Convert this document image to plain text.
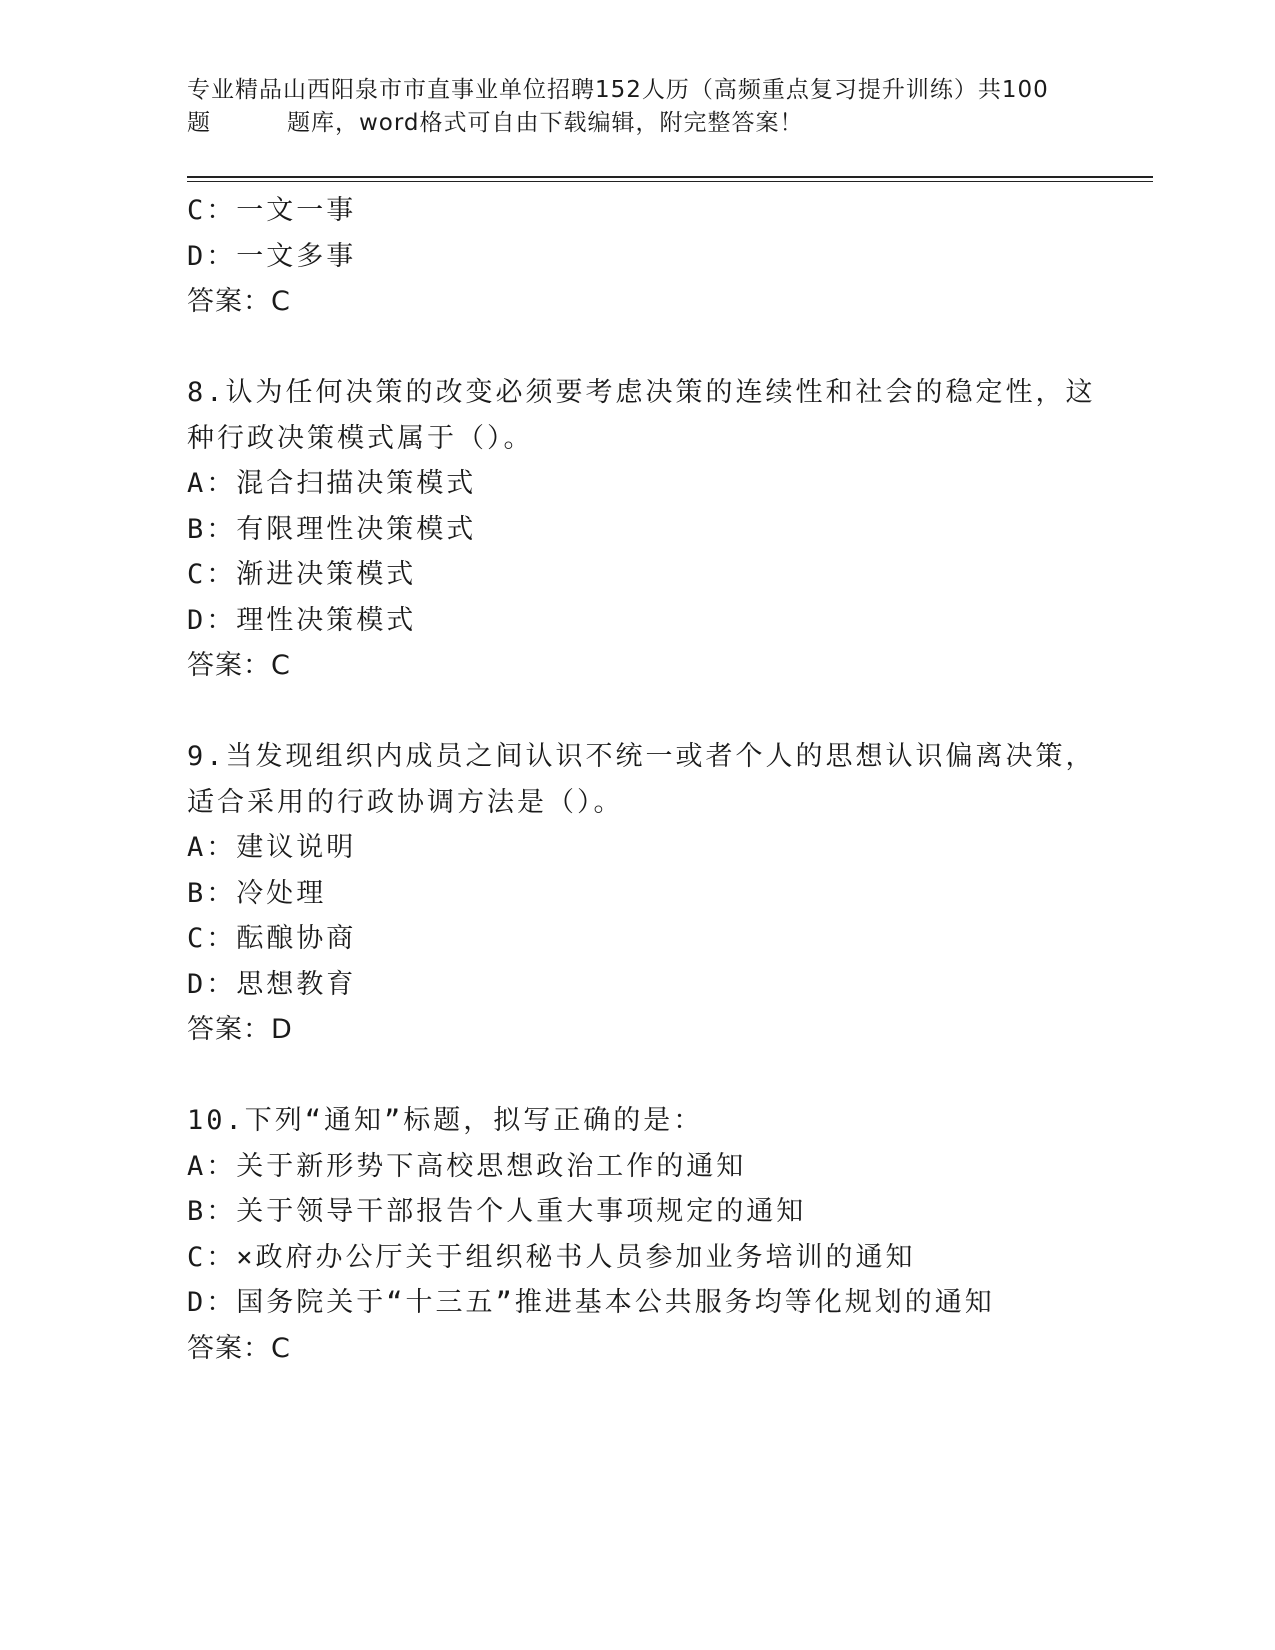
专业精品山西阳泉市市直事业单位招聘152人历（高频重点复习提升训练）共100
题	题库，word格式可自由下载编辑，附完整答案！
C：一文一事
D：一文多事
答案：C
8.认为任何决策的改变必须要考虑决策的连续性和社会的稳定性，这
种行政决策模式属于（）。
A：混合扫描决策模式
B：有限理性决策模式
C：渐进决策模式
D：理性决策模式
答案：C
9.当发现组织内成员之间认识不统一或者个人的思想认识偏离决策，
适合采用的行政协调方法是（）。
A：建议说明
B：冷处理
C：酝酿协商
D：思想教育
答案：D
10.下列“通知”标题，拟写正确的是：
A：关于新形势下高校思想政治工作的通知
B：关于领导干部报告个人重大事项规定的通知
C：×政府办公厅关于组织秘书人员参加业务培训的通知
D：国务院关于“十三五”推进基本公共服务均等化规划的通知
答案：C
